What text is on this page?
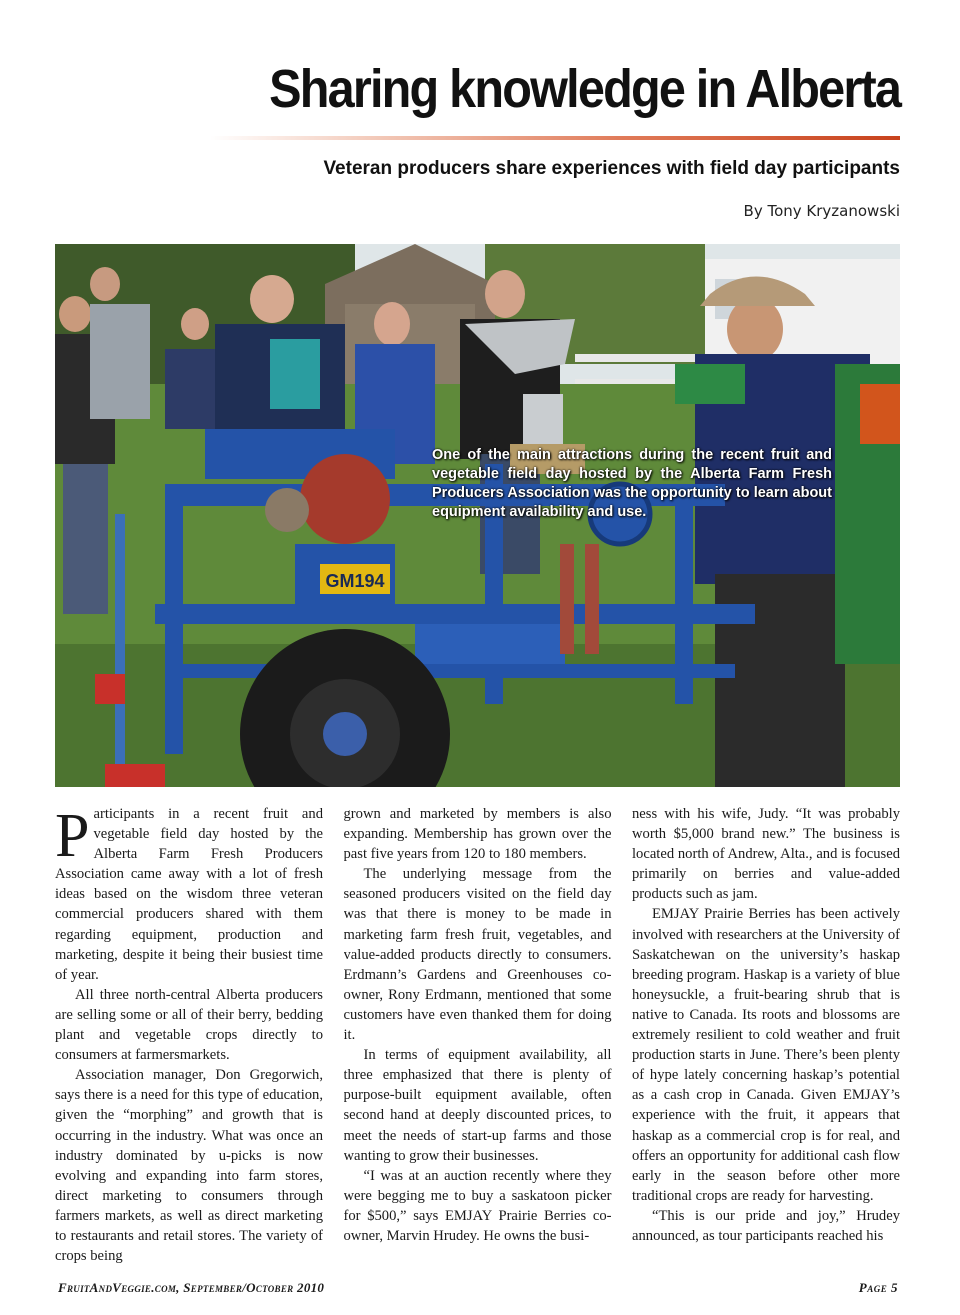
Sharing knowledge in Alberta
Veteran producers share experiences with field day participants
By Tony Kryzanowski
GM194
One of the main attractions during the recent fruit and vegetable field day hosted by the Alberta Farm Fresh Producers Association was the opportunity to learn about equipment availability and use.

Participants in a recent fruit and vegetable field day hosted by the Alberta Farm Fresh Producers Association came away with a lot of fresh ideas based on the wisdom three veteran commercial producers shared with them regarding equipment, production and marketing, despite it being their busiest time of year.

All three north-central Alberta producers are selling some or all of their berry, bedding plant and vegetable crops directly to consumers at farmersmarkets.

Association manager, Don Gregorwich, says there is a need for this type of education, given the “morphing” and growth that is occurring in the industry. What was once an industry dominated by u-picks is now evolving and expanding into farm stores, direct marketing to consumers through farmers markets, as well as direct marketing to restaurants and retail stores. The variety of crops being

grown and marketed by members is also expanding. Membership has grown over the past five years from 120 to 180 members.

The underlying message from the seasoned producers visited on the field day was that there is money to be made in marketing farm fresh fruit, vegetables, and value-added products directly to consumers. Erdmann’s Gardens and Greenhouses co-owner, Rony Erdmann, mentioned that some customers have even thanked them for doing it.

In terms of equipment availability, all three emphasized that there is plenty of purpose-built equipment available, often second hand at deeply discounted prices, to meet the needs of start-up farms and those wanting to grow their businesses.

“I was at an auction recently where they were begging me to buy a saskatoon picker for $500,” says EMJAY Prairie Berries co-owner, Marvin Hrudey. He owns the busi-

ness with his wife, Judy. “It was probably worth $5,000 brand new.” The business is located north of Andrew, Alta., and is focused primarily on berries and value-added products such as jam.

EMJAY Prairie Berries has been actively involved with researchers at the University of Saskatchewan on the university’s haskap breeding program. Haskap is a variety of blue honeysuckle, a fruit-bearing shrub that is native to Canada. Its roots and blossoms are extremely resilient to cold weather and fruit production starts in June. There’s been plenty of hype lately concerning haskap’s potential as a cash crop in Canada. Given EMJAY’s experience with the fruit, it appears that haskap as a commercial crop is for real, and offers an opportunity for additional cash flow early in the season before other more traditional crops are ready for harvesting.

“This is our pride and joy,” Hrudey announced, as tour participants reached his

FruitAndVeggie.com, September/October 2010	Page 5
